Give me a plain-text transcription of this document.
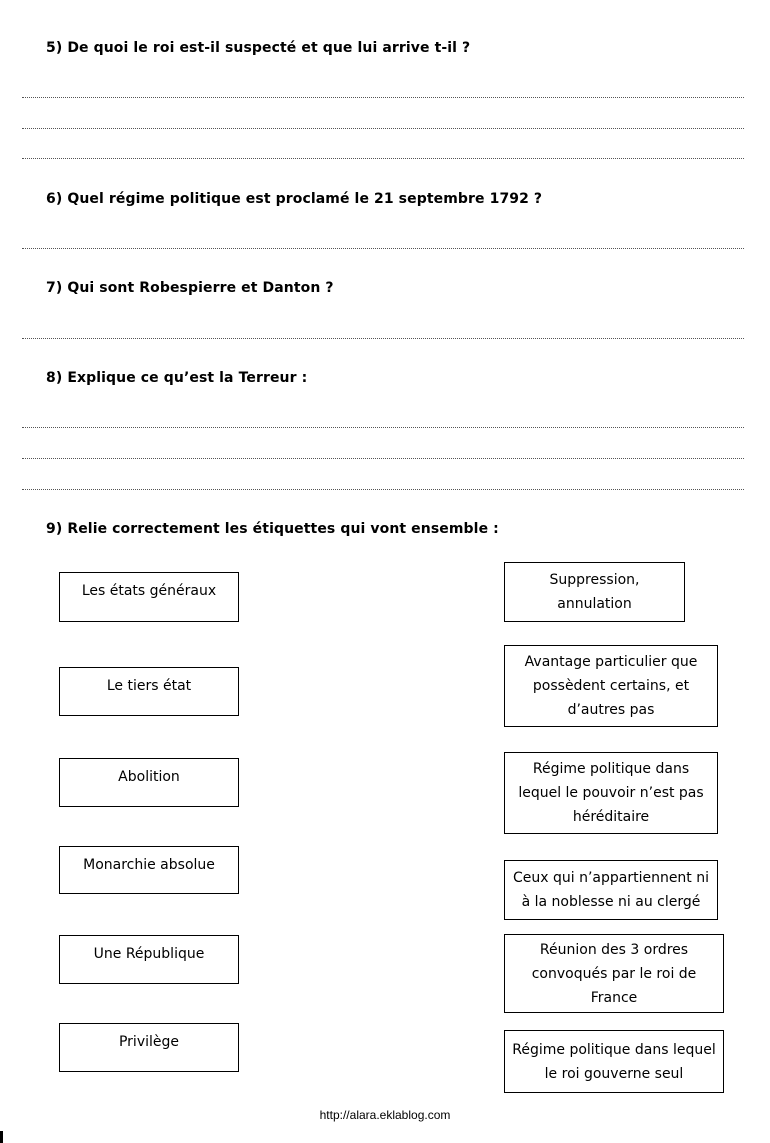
5) De quoi le roi est-il suspecté et que lui arrive t-il ?
6) Quel régime politique est proclamé le 21 septembre 1792 ?
7) Qui sont Robespierre et Danton ?
8) Explique ce qu’est la Terreur :
9) Relie correctement les étiquettes qui vont ensemble :
Les états généraux
Le tiers état
Abolition
Monarchie absolue
Une République
Privilège
Suppression, annulation
Avantage particulier que possèdent certains, et d’autres pas
Régime politique dans lequel le pouvoir n’est pas héréditaire
Ceux qui n’appartiennent ni à la noblesse ni au clergé
Réunion des 3 ordres convoqués par le roi de France
Régime politique dans lequel le roi gouverne seul
http://alara.eklablog.com
